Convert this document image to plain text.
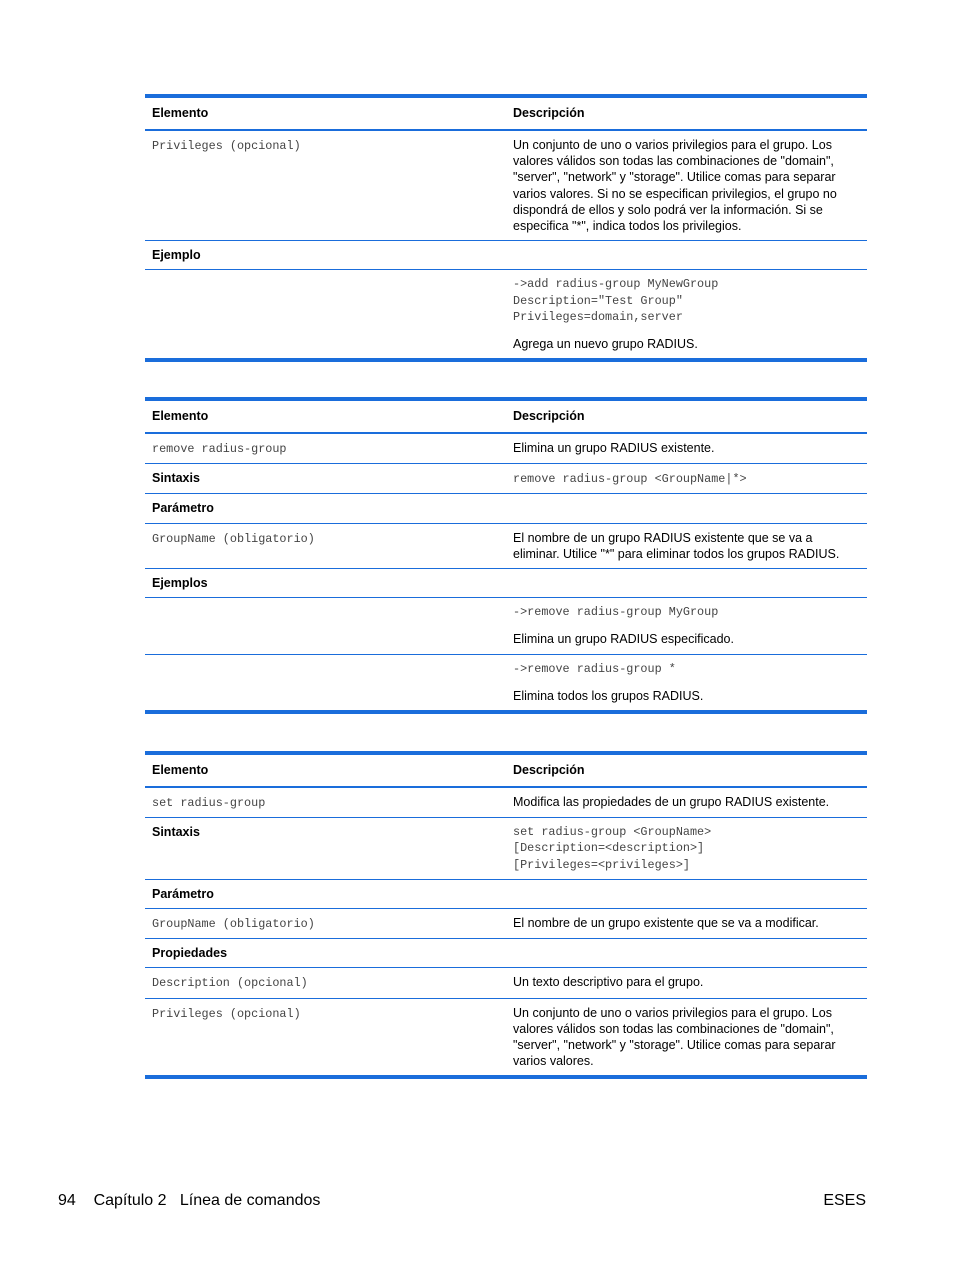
Elemento	Descripción
Privileges (opcional)	Un conjunto de uno o varios privilegios para el grupo. Los valores válidos son todas las combinaciones de "domain", "server", "network" y "storage". Utilice comas para separar varios valores. Si no se especifican privilegios, el grupo no dispondrá de ellos y solo podrá ver la información. Si se especifica "*", indica todos los privilegios.
Ejemplo	

	->add radius-group MyNewGroup
Description="Test Group"
Privileges=domain,server
Agrega un nuevo grupo RADIUS.
Elemento	Descripción
remove radius-group	Elimina un grupo RADIUS existente.
Sintaxis	remove radius-group <GroupName|*>
Parámetro	
GroupName (obligatorio)	El nombre de un grupo RADIUS existente que se va a eliminar. Utilice "*" para eliminar todos los grupos RADIUS.
Ejemplos	

	->remove radius-group MyGroup
Elimina un grupo RADIUS especificado.

	->remove radius-group *
Elimina todos los grupos RADIUS.
Elemento	Descripción
set radius-group	Modifica las propiedades de un grupo RADIUS existente.
Sintaxis	set radius-group <GroupName>
[Description=<description>]
[Privileges=<privileges>]

Parámetro	
GroupName (obligatorio)	El nombre de un grupo existente que se va a modificar.
Propiedades	
Description (opcional)	Un texto descriptivo para el grupo.
Privileges (opcional)	Un conjunto de uno o varios privilegios para el grupo. Los valores válidos son todas las combinaciones de "domain", "server", "network" y "storage". Utilice comas para separar varios valores.
94    Capítulo 2   Línea de comandos	ESES
